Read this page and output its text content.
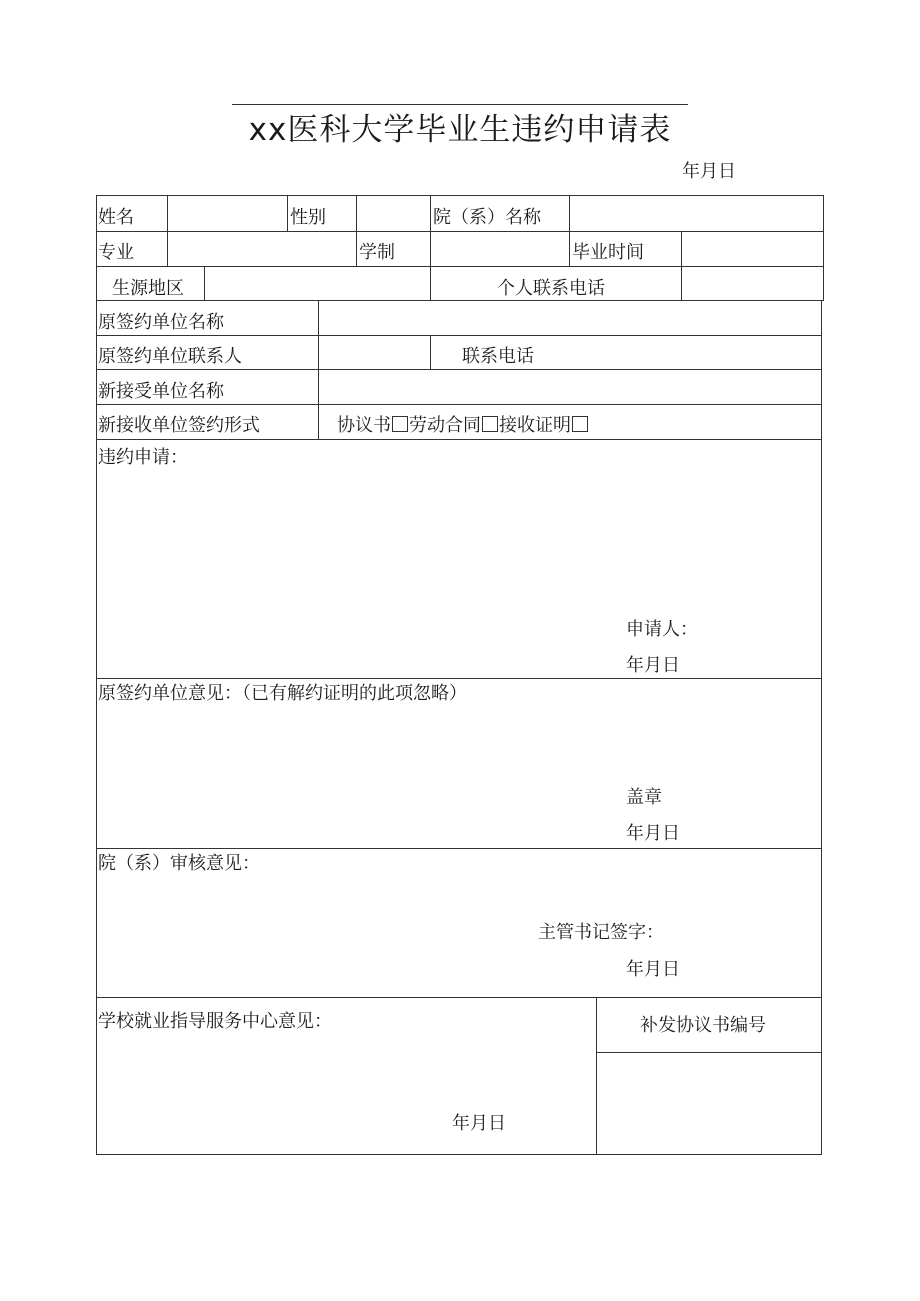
xx医科大学毕业生违约申请表
年月日
姓名	性别	院（系）名称
专业	学制	毕业时间
生源地区	个人联系电话
原签约单位名称
原签约单位联系人	联系电话
新接受单位名称
新接收单位签约形式	协议书 劳动合同 接收证明
违约申请：
申请人：
年月日
原签约单位意见：（已有解约证明的此项忽略）
盖章
年月日
院（系）审核意见：
主管书记签字：
年月日
学校就业指导服务中心意见：
年月日
补发协议书编号
